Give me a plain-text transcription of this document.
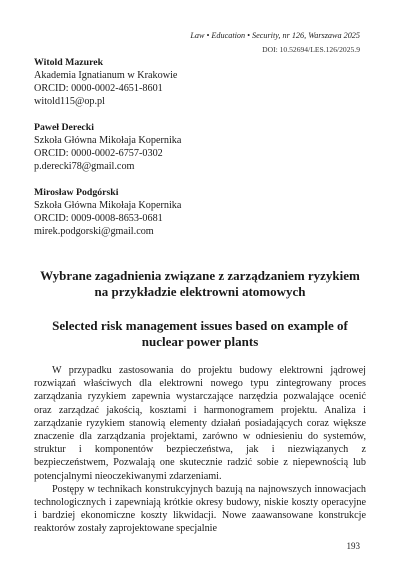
Law • Education • Security, nr 126, Warszawa 2025
DOI: 10.52694/LES.126/2025.9
Witold Mazurek
Akademia Ignatianum w Krakowie
ORCID: 0000-0002-4651-8601
witold115@op.pl
Paweł Derecki
Szkoła Główna Mikołaja Kopernika
ORCID: 0000-0002-6757-0302
p.derecki78@gmail.com
Mirosław Podgórski
Szkoła Główna Mikołaja Kopernika
ORCID: 0009-0008-8653-0681
mirek.podgorski@gmail.com
Wybrane zagadnienia związane z zarządzaniem ryzykiem na przykładzie elektrowni atomowych
Selected risk management issues based on example of nuclear power plants

W przypadku zastosowania do projektu budowy elektrowni jądrowej rozwiązań właściwych dla elektrowni nowego typu zintegrowany proces zarządzania ryzykiem zapewnia wystarczające narzędzia pozwalające ocenić oraz zarządzać jakością, kosztami i harmonogramem projektu. Analiza i zarządzanie ryzykiem stanowią elementy działań posiadających coraz większe znaczenie dla zarządzania projektami, zarówno w odniesieniu do systemów, struktur i komponentów bezpieczeństwa, jak i niezwiązanych z bezpieczeństwem, Pozwalają one skutecznie radzić sobie z niepewnością lub potencjalnymi nieoczekiwanymi zdarzeniami.

Postępy w technikach konstrukcyjnych bazują na najnowszych innowacjach technologicznych i zapewniają krótkie okresy budowy, niskie koszty operacyjne i bardziej ekonomiczne koszty likwidacji. Nowe zaawansowane konstrukcje reaktorów zostały zaprojektowane specjalnie

193
